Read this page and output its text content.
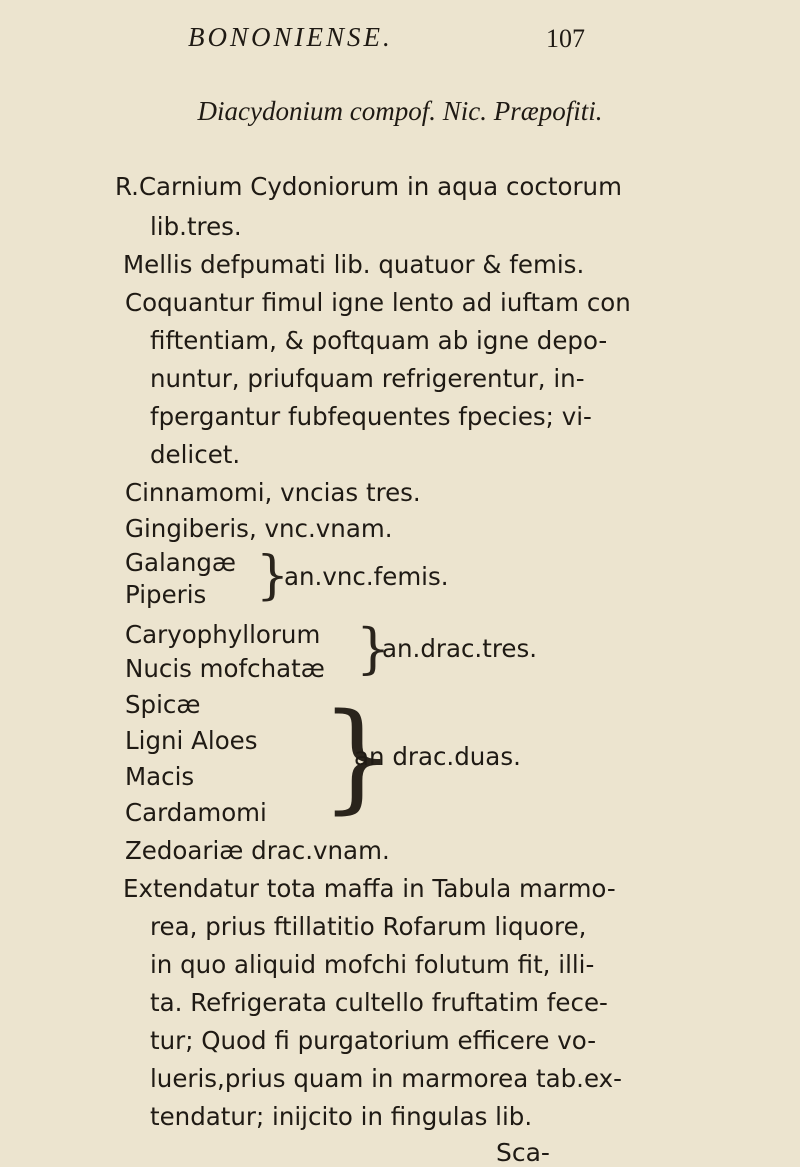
BONONIENSE.	107
Diacydonium compof. Nic. Præpofiti.
R.Carnium Cydoniorum in aqua coctorum
lib.tres.
Mellis defpumati lib. quatuor & femis.
Coquantur fimul igne lento ad iuftam con
fiftentiam, & poftquam ab igne depo-
nuntur, priufquam refrigerentur, in-
fpergantur fubfequentes fpecies; vi-
delicet.
Cinnamomi, vncias tres.
Gingiberis, vnc.vnam.
Galangæ
Piperis }
an.vnc.femis.
Caryophyllorum
Nucis mofchatæ }
an.drac.tres.
Spicæ
Ligni Aloes
Macis
Cardamomi }
an drac.duas.
Zedoariæ drac.vnam.
Extendatur tota maffa in Tabula marmo-
rea, prius ftillatitio Rofarum liquore,
in quo aliquid mofchi folutum fit, illi-
ta. Refrigerata cultello fruftatim fece-
tur; Quod fi purgatorium efficere vo-
lueris,prius quam in marmorea tab.ex-
tendatur; inijcito in fingulas lib.
Sca-
